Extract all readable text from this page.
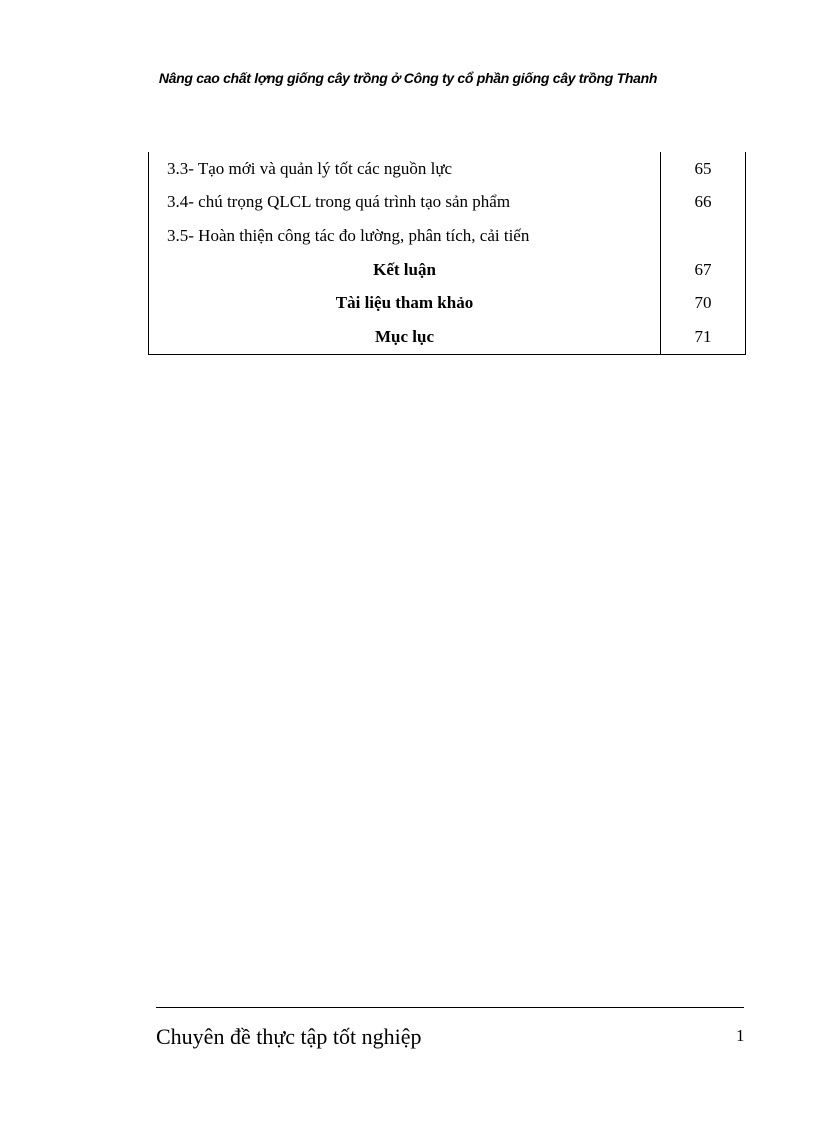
Nâng cao chất lợng giống cây trồng ở Công ty cổ phần giống cây trồng Thanh
3.3- Tạo mới và quản lý tốt các nguồn lực	65
3.4- chú trọng QLCL trong quá trình tạo sản phẩm	66
3.5- Hoàn thiện công tác đo lường, phân tích, cải tiến	
Kết luận	67
Tài liệu tham khảo	70
Mục lục	71
Chuyên đề thực tập tốt nghiệp	1
